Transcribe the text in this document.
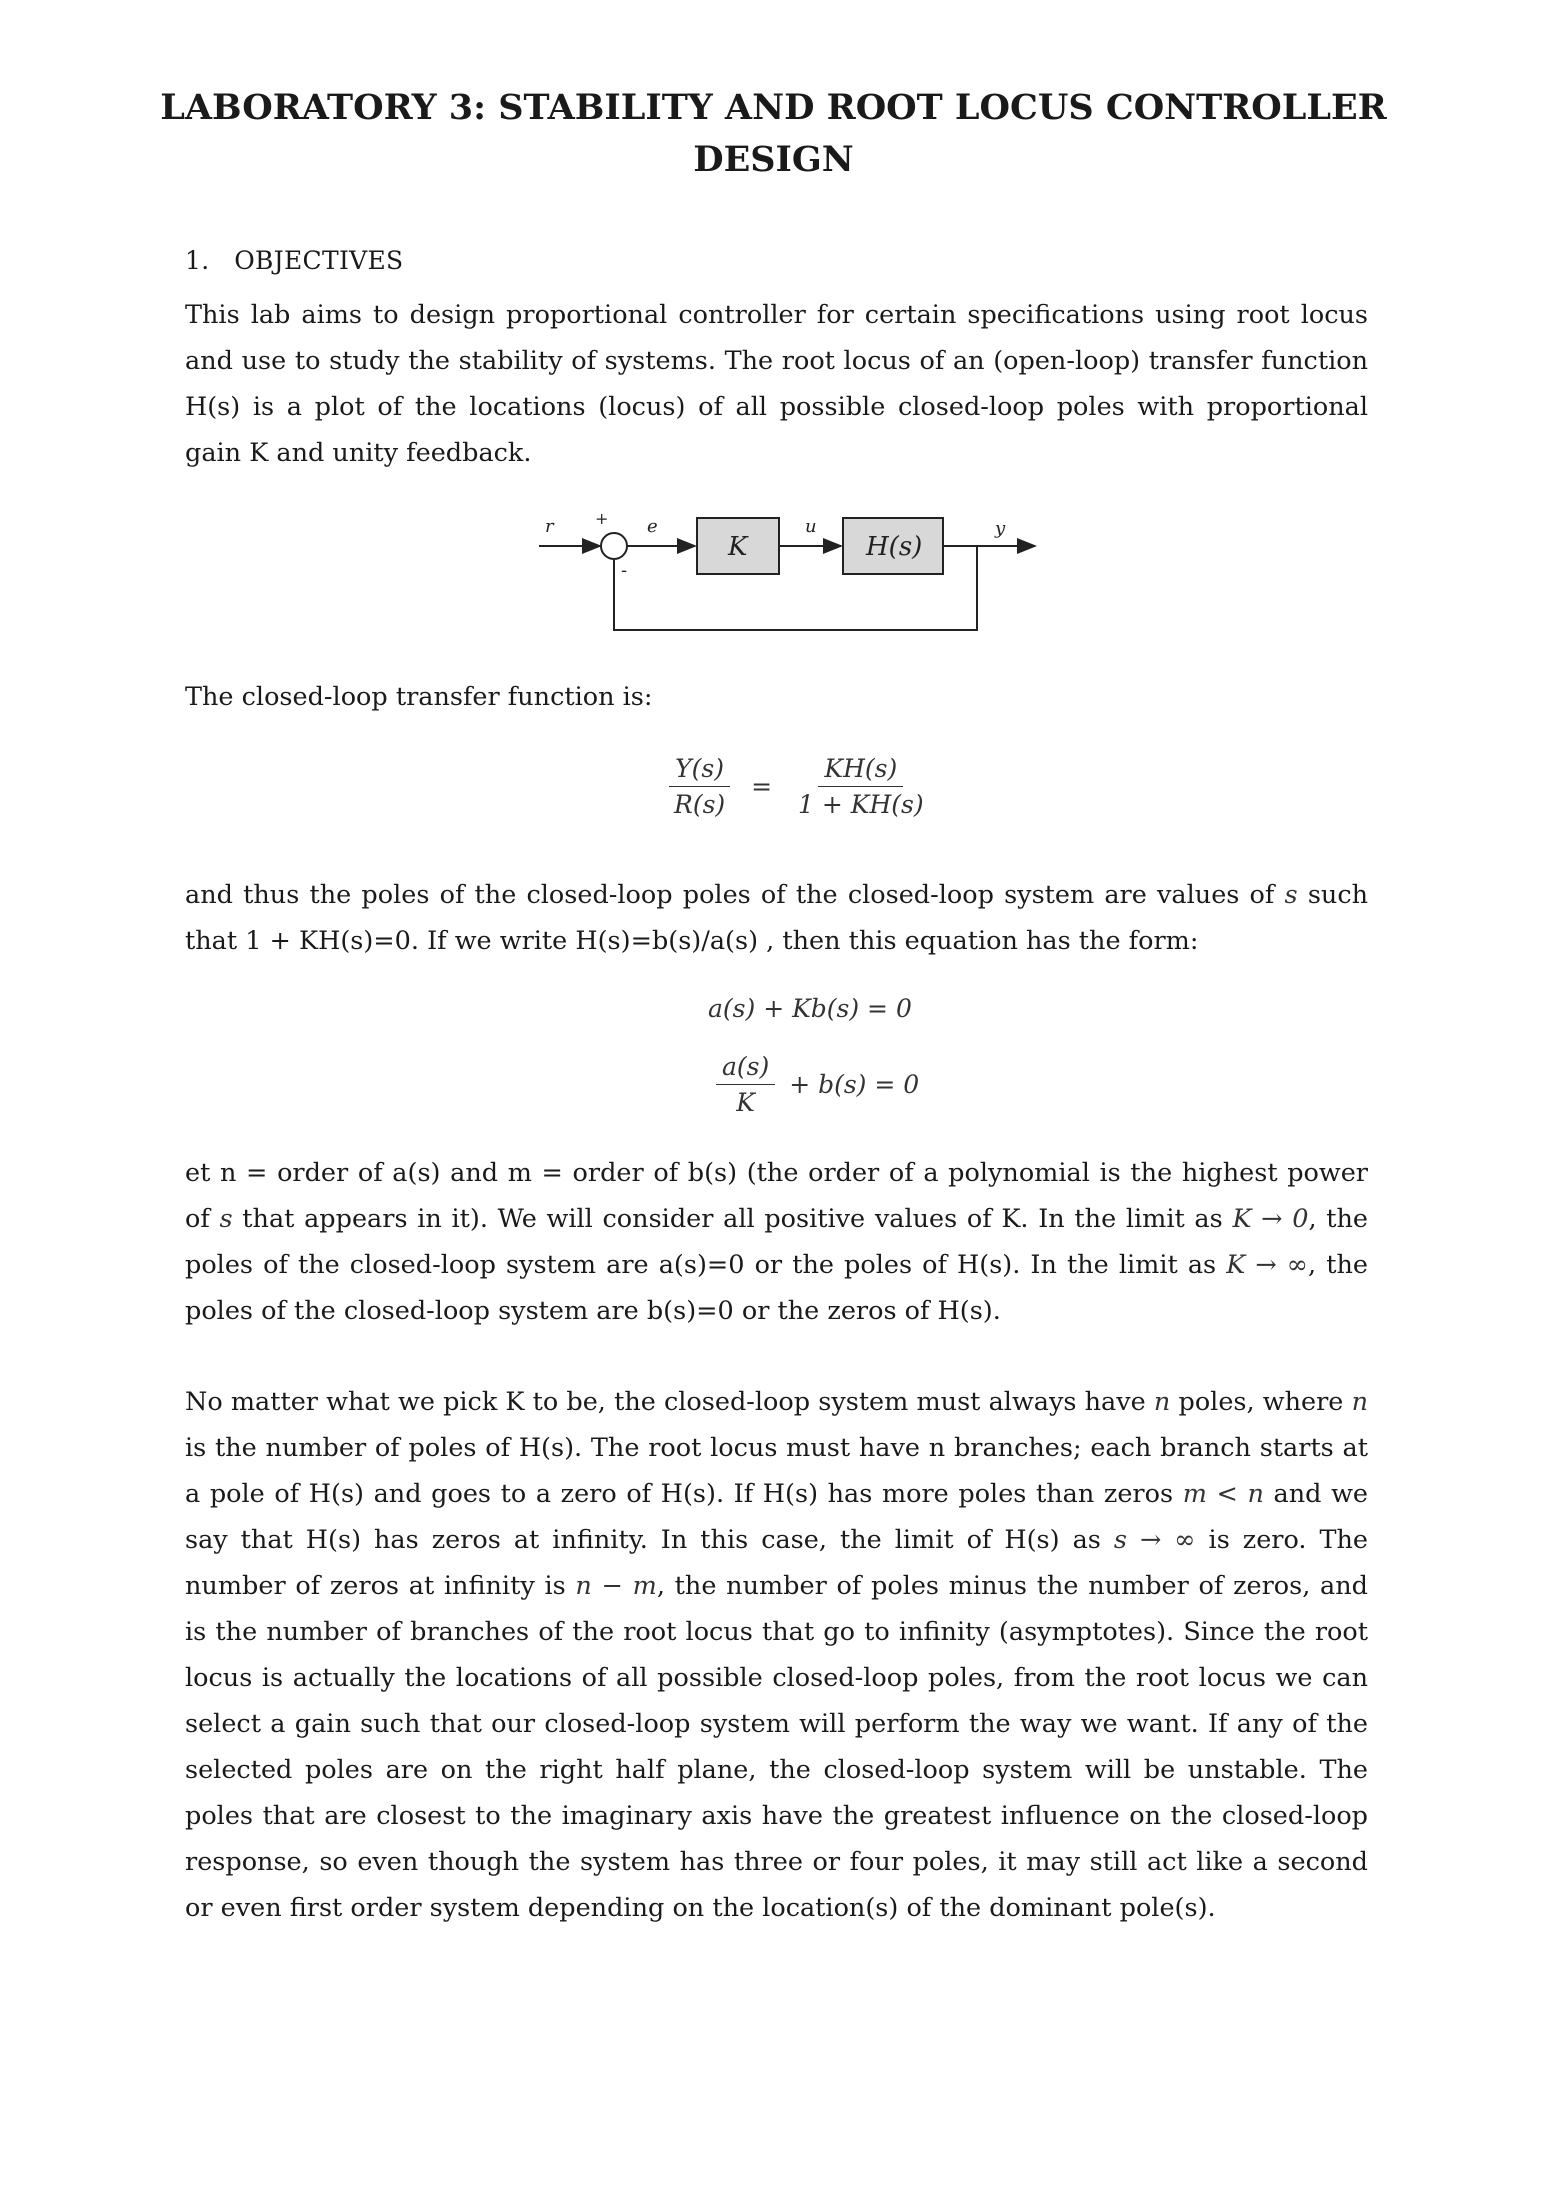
LABORATORY 3: STABILITY AND ROOT LOCUS CONTROLLER
DESIGN
1. OBJECTIVES

This lab aims to design proportional controller for certain specifications using root locus and use to study the stability of systems. The root locus of an (open-loop) transfer function H(s) is a plot of the locations (locus) of all possible closed-loop poles with proportional gain K and unity feedback.

r	+
-
e	u	y
K	H(s)

The closed-loop transfer function is:

$\frac{Y(s)}{R(s)} = \frac{KH(s)}{1 + KH(s)}$

and thus the poles of the closed-loop poles of the closed-loop system are values of s such that 1 + KH(s)=0. If we write H(s)=b(s)/a(s) , then this equation has the form:

a(s) + Kb(s) = 0
$\frac{a(s)}{K} + b(s) = 0$

et n = order of a(s) and m = order of b(s) (the order of a polynomial is the highest power of s that appears in it). We will consider all positive values of K. In the limit as K → 0, the poles of the closed-loop system are a(s)=0 or the poles of H(s). In the limit as K → ∞, the poles of the closed-loop system are b(s)=0 or the zeros of H(s).

No matter what we pick K to be, the closed-loop system must always have n poles, where n is the number of poles of H(s). The root locus must have n branches; each branch starts at a pole of H(s) and goes to a zero of H(s). If H(s) has more poles than zeros m < n and we say that H(s) has zeros at infinity. In this case, the limit of H(s) as s → ∞ is zero. The number of zeros at infinity is n − m, the number of poles minus the number of zeros, and is the number of branches of the root locus that go to infinity (asymptotes). Since the root locus is actually the locations of all possible closed-loop poles, from the root locus we can select a gain such that our closed-loop system will perform the way we want. If any of the selected poles are on the right half plane, the closed-loop system will be unstable. The poles that are closest to the imaginary axis have the greatest influence on the closed-loop response, so even though the system has three or four poles, it may still act like a second or even first order system depending on the location(s) of the dominant pole(s).
